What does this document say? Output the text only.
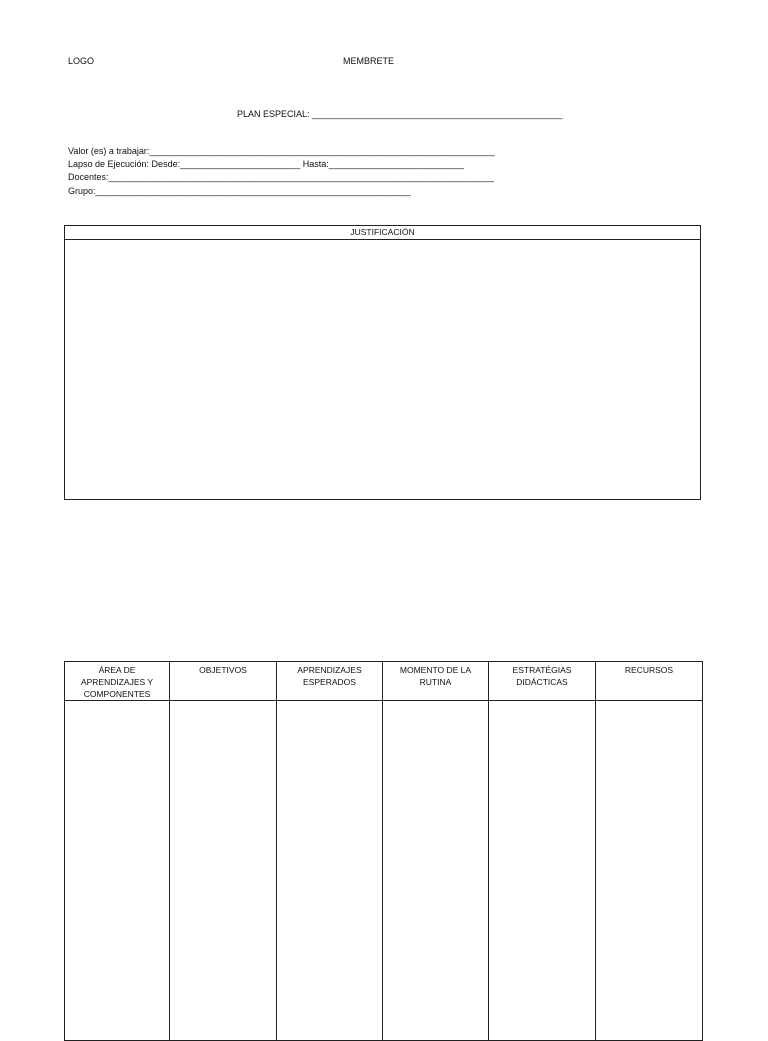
LOGO	MEMBRETE
PLAN ESPECIAL: __________________________________________________
Valor (es) a trabajar:_____________________________________________________________________
Lapso de Ejecución: Desde:________________________ Hasta:___________________________
Docentes:_____________________________________________________________________________
Grupo:_______________________________________________________________
JUSTIFICACIÓN
ÁREA DE APRENDIZAJES Y COMPONENTES	OBJETIVOS	APRENDIZAJES ESPERADOS	MOMENTO DE LA RUTINA	ESTRATÉGIAS DIDÁCTICAS	RECURSOS
